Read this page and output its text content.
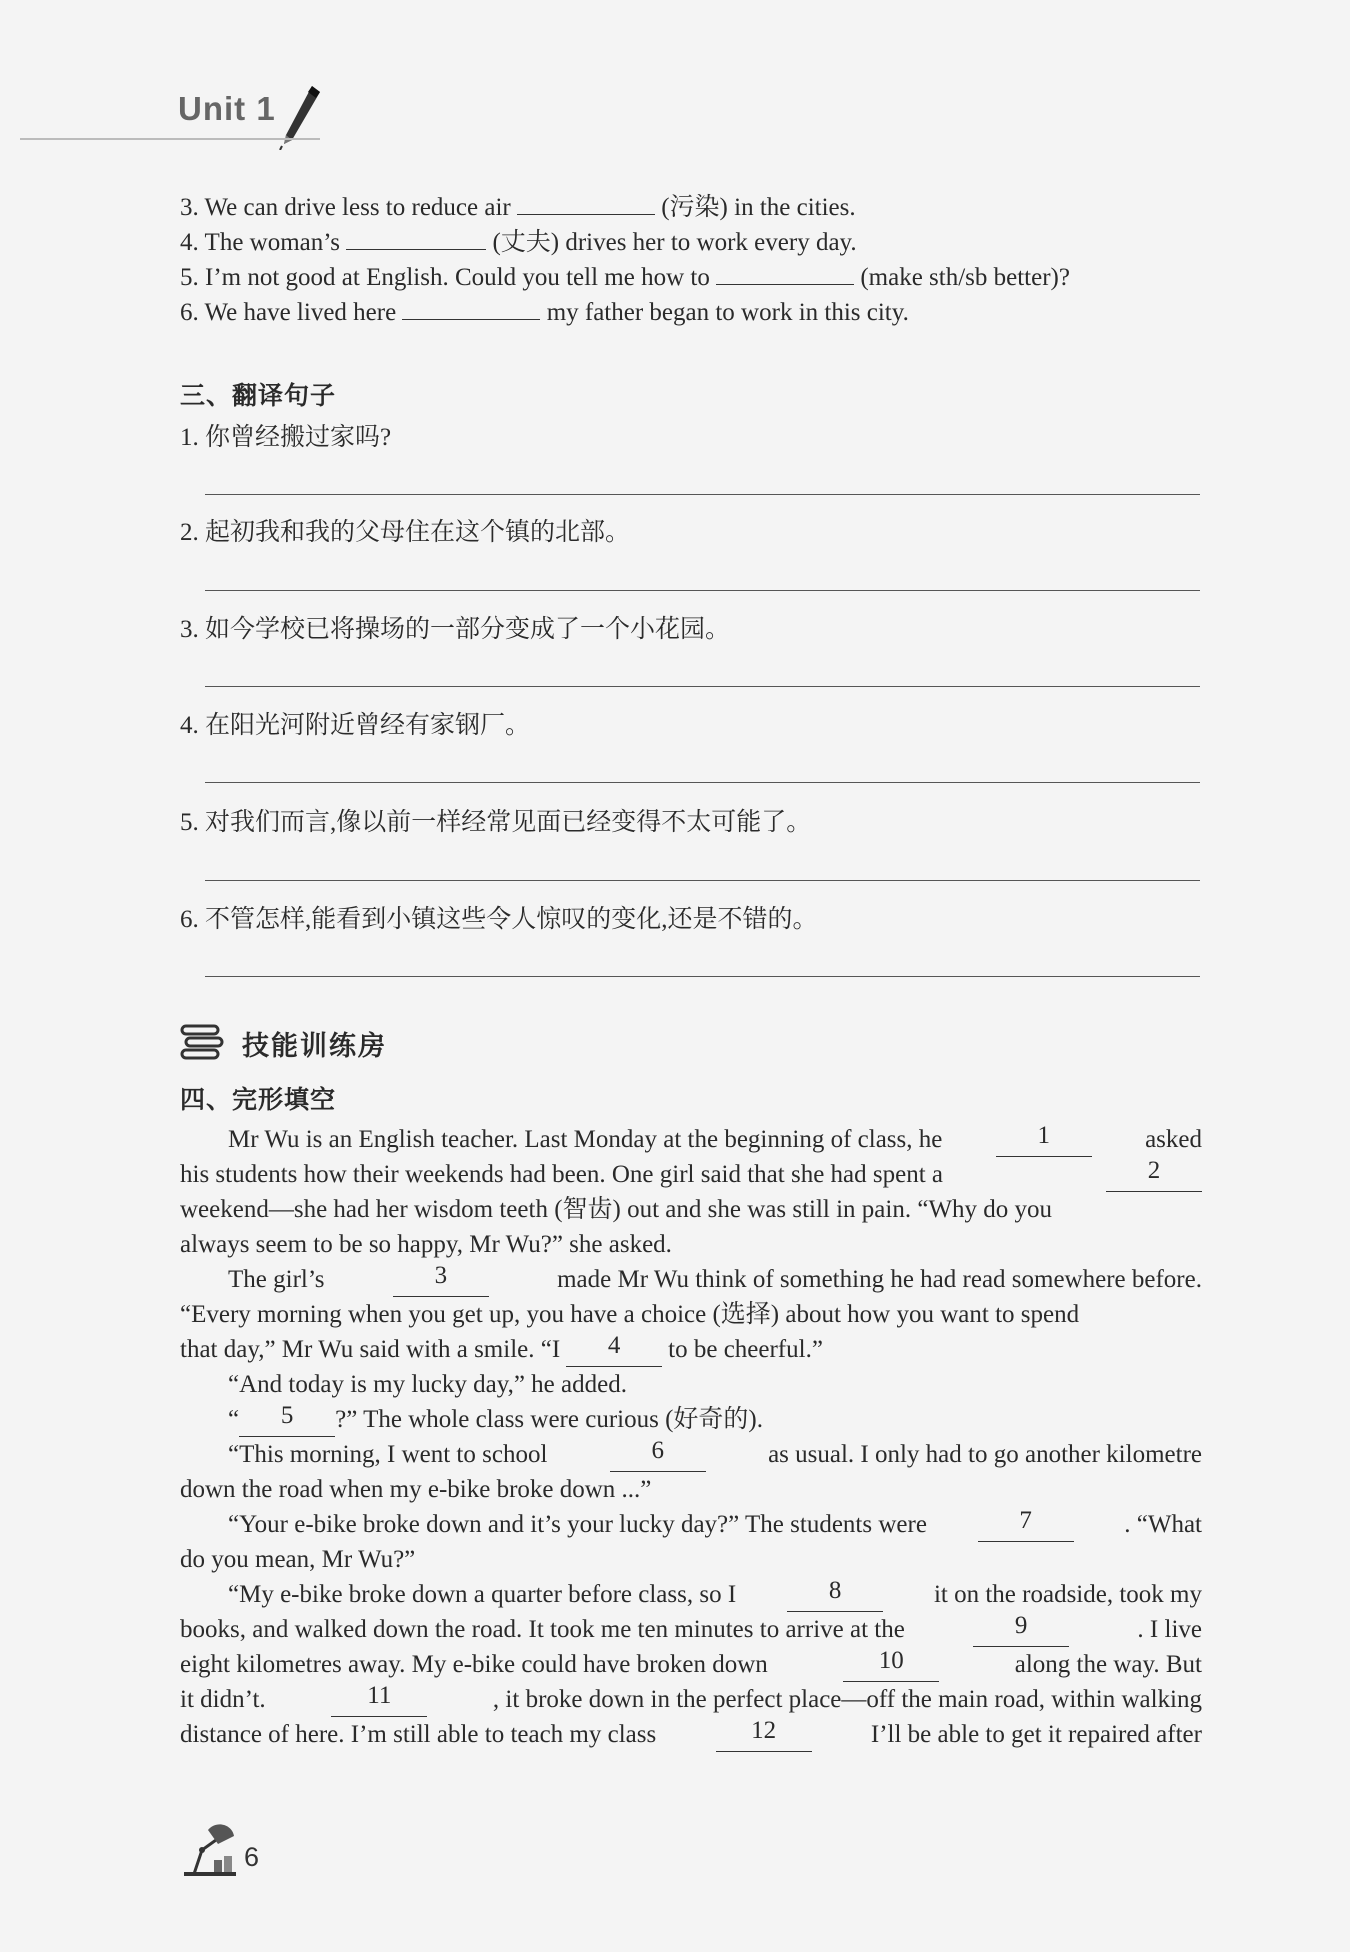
Unit 1
3. We can drive less to reduce air	(污染) in the cities.
4. The woman’s	(丈夫) drives her to work every day.
5. I’m not good at English. Could you tell me how to	(make sth/sb better)?
6. We have lived here	my father began to work in this city.
三、翻译句子
1. 你曾经搬过家吗?
2. 起初我和我的父母住在这个镇的北部。
3. 如今学校已将操场的一部分变成了一个小花园。
4. 在阳光河附近曾经有家钢厂。
5. 对我们而言,像以前一样经常见面已经变得不太可能了。
6. 不管怎样,能看到小镇这些令人惊叹的变化,还是不错的。
技能训练房
四、完形填空
Mr Wu is an English teacher. Last Monday at the beginning of class, he	1	asked
his students how their weekends had been. One girl said that she had spent a	2
weekend—she had her wisdom teeth (智齿) out and she was still in pain. “Why do you
always seem to be so happy, Mr Wu?” she asked.
The girl’s	3	made Mr Wu think of something he had read somewhere before.
“Every morning when you get up, you have a choice (选择) about how you want to spend
that day,” Mr Wu said with a smile. “I	4	to be cheerful.”
“And today is my lucky day,” he added.
“	5	?” The whole class were curious (好奇的).
“This morning, I went to school	6	as usual. I only had to go another kilometre
down the road when my e-bike broke down ...”
“Your e-bike broke down and it’s your lucky day?” The students were	7	. “What
do you mean, Mr Wu?”
“My e-bike broke down a quarter before class, so I	8	it on the roadside, took my
books, and walked down the road. It took me ten minutes to arrive at the	9	. I live
eight kilometres away. My e-bike could have broken down	10	along the way. But
it didn’t.	11	, it broke down in the perfect place—off the main road, within walking
distance of here. I’m still able to teach my class	12	I’ll be able to get it repaired after
6
